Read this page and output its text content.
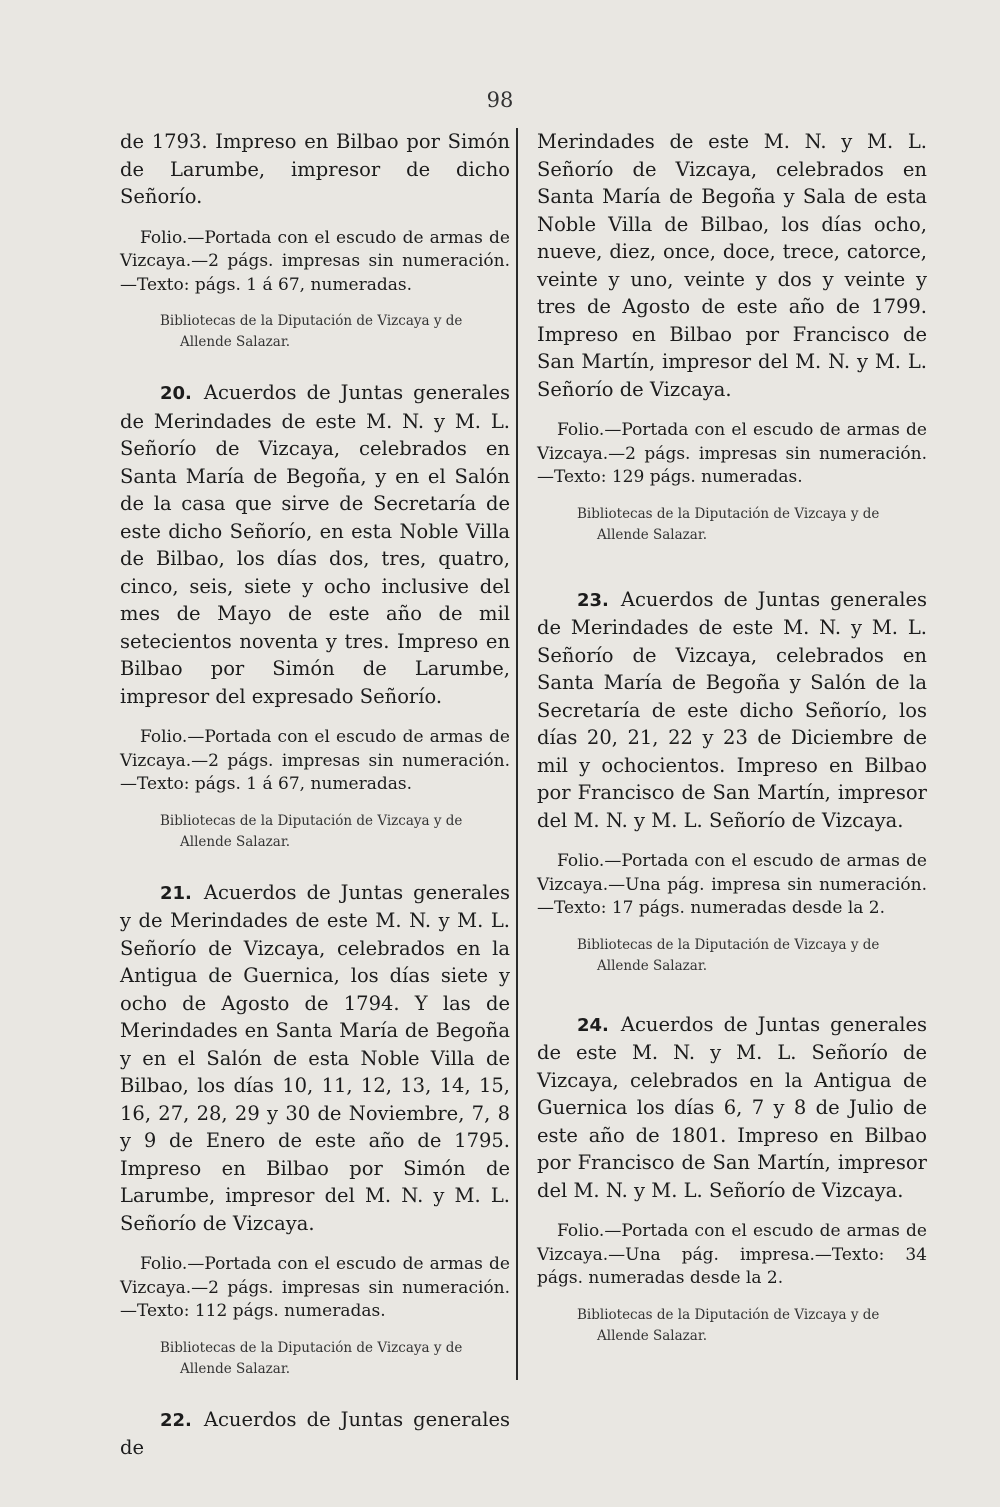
98

de 1793. Impreso en Bilbao por Simón de Larumbe, impresor de dicho Señorío.

Folio.—Portada con el escudo de armas de Vizcaya.—2 págs. impresas sin numeración.—Texto: págs. 1 á 67, numeradas.

Bibliotecas de la Diputación de Vizcaya y de
Allende Salazar.

20. Acuerdos de Juntas generales de Merindades de este M. N. y M. L. Señorío de Vizcaya, celebrados en Santa María de Begoña, y en el Salón de la casa que sirve de Secretaría de este dicho Señorío, en esta Noble Villa de Bilbao, los días dos, tres, quatro, cinco, seis, siete y ocho inclusive del mes de Mayo de este año de mil setecientos noventa y tres. Impreso en Bilbao por Simón de Larumbe, impresor del expresado Señorío.

Folio.—Portada con el escudo de armas de Vizcaya.—2 págs. impresas sin numeración.—Texto: págs. 1 á 67, numeradas.

Bibliotecas de la Diputación de Vizcaya y de
Allende Salazar.

21. Acuerdos de Juntas generales y de Merindades de este M. N. y M. L. Señorío de Vizcaya, celebrados en la Antigua de Guernica, los días siete y ocho de Agosto de 1794. Y las de Merindades en Santa María de Begoña y en el Salón de esta Noble Villa de Bilbao, los días 10, 11, 12, 13, 14, 15, 16, 27, 28, 29 y 30 de Noviembre, 7, 8 y 9 de Enero de este año de 1795. Impreso en Bilbao por Simón de Larumbe, impresor del M. N. y M. L. Señorío de Vizcaya.

Folio.—Portada con el escudo de armas de Vizcaya.—2 págs. impresas sin numeración.—Texto: 112 págs. numeradas.

Bibliotecas de la Diputación de Vizcaya y de
Allende Salazar.

22. Acuerdos de Juntas generales de

Merindades de este M. N. y M. L. Señorío de Vizcaya, celebrados en Santa María de Begoña y Sala de esta Noble Villa de Bilbao, los días ocho, nueve, diez, once, doce, trece, catorce, veinte y uno, veinte y dos y veinte y tres de Agosto de este año de 1799. Impreso en Bilbao por Francisco de San Martín, impresor del M. N. y M. L. Señorío de Vizcaya.

Folio.—Portada con el escudo de armas de Vizcaya.—2 págs. impresas sin numeración.—Texto: 129 págs. numeradas.

Bibliotecas de la Diputación de Vizcaya y de
Allende Salazar.

23. Acuerdos de Juntas generales de Merindades de este M. N. y M. L. Señorío de Vizcaya, celebrados en Santa María de Begoña y Salón de la Secretaría de este dicho Señorío, los días 20, 21, 22 y 23 de Diciembre de mil y ochocientos. Impreso en Bilbao por Francisco de San Martín, impresor del M. N. y M. L. Señorío de Vizcaya.

Folio.—Portada con el escudo de armas de Vizcaya.—Una pág. impresa sin numeración.—Texto: 17 págs. numeradas desde la 2.

Bibliotecas de la Diputación de Vizcaya y de
Allende Salazar.

24. Acuerdos de Juntas generales de este M. N. y M. L. Señorío de Vizcaya, celebrados en la Antigua de Guernica los días 6, 7 y 8 de Julio de este año de 1801. Impreso en Bilbao por Francisco de San Martín, impresor del M. N. y M. L. Señorío de Vizcaya.

Folio.—Portada con el escudo de armas de Vizcaya.—Una pág. impresa.—Texto: 34 págs. numeradas desde la 2.

Bibliotecas de la Diputación de Vizcaya y de
Allende Salazar.
